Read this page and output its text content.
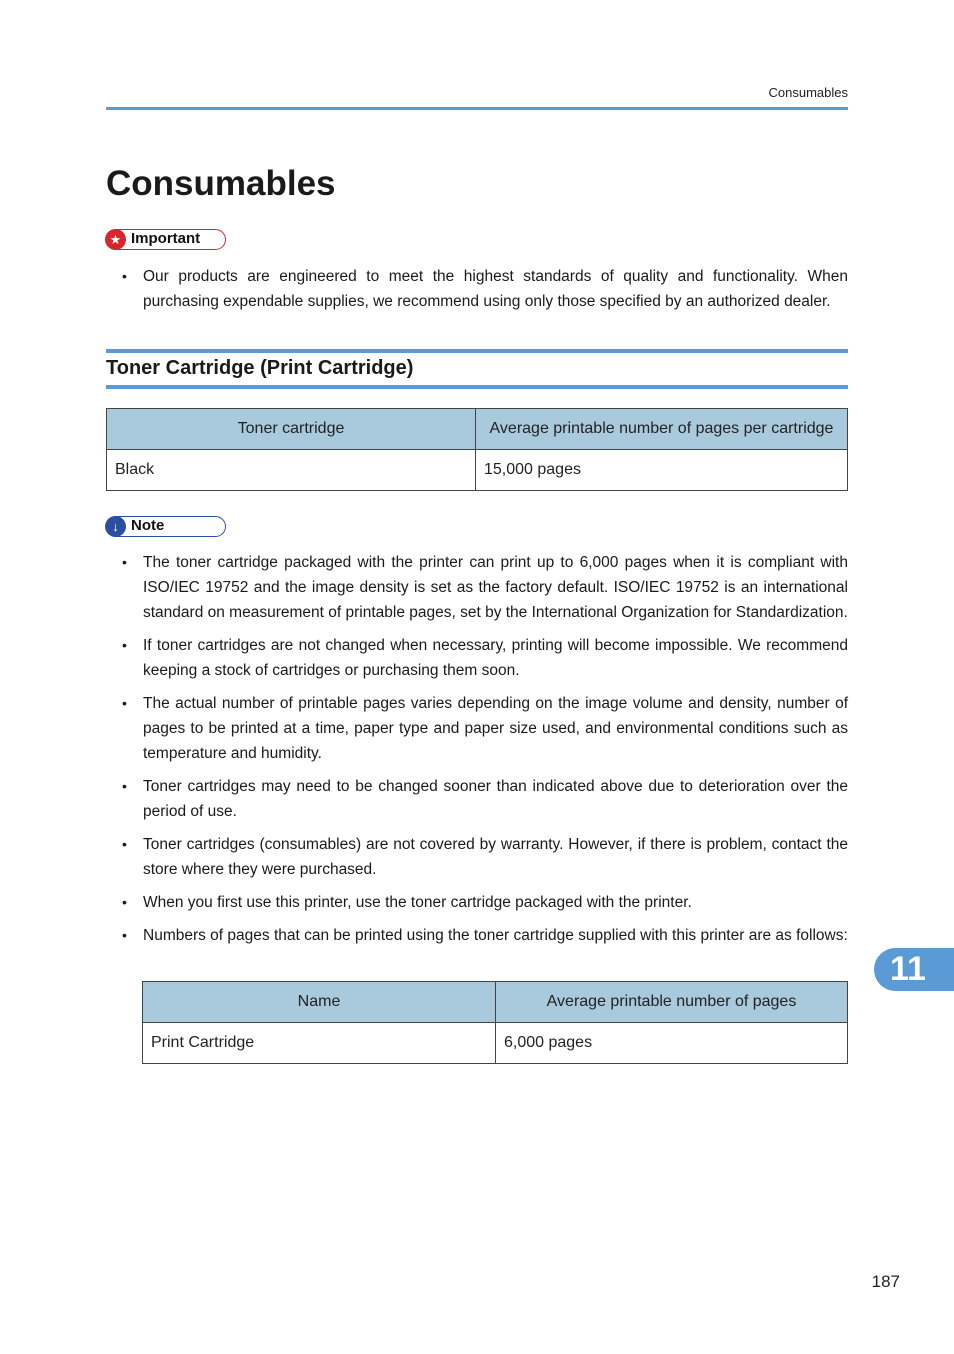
Consumables
Consumables
★ Important
• Our products are engineered to meet the highest standards of quality and functionality. When purchasing expendable supplies, we recommend using only those specified by an authorized dealer.
Toner Cartridge (Print Cartridge)
Toner cartridge	Average printable number of pages per cartridge
Black	15,000 pages
↓ Note
• The toner cartridge packaged with the printer can print up to 6,000 pages when it is compliant with ISO/IEC 19752 and the image density is set as the factory default. ISO/IEC 19752 is an international standard on measurement of printable pages, set by the International Organization for Standardization.
• If toner cartridges are not changed when necessary, printing will become impossible. We recommend keeping a stock of cartridges or purchasing them soon.
• The actual number of printable pages varies depending on the image volume and density, number of pages to be printed at a time, paper type and paper size used, and environmental conditions such as temperature and humidity.
• Toner cartridges may need to be changed sooner than indicated above due to deterioration over the period of use.
• Toner cartridges (consumables) are not covered by warranty. However, if there is problem, contact the store where they were purchased.
• When you first use this printer, use the toner cartridge packaged with the printer.
• Numbers of pages that can be printed using the toner cartridge supplied with this printer are as follows:
Name	Average printable number of pages
Print Cartridge	6,000 pages
11
187
